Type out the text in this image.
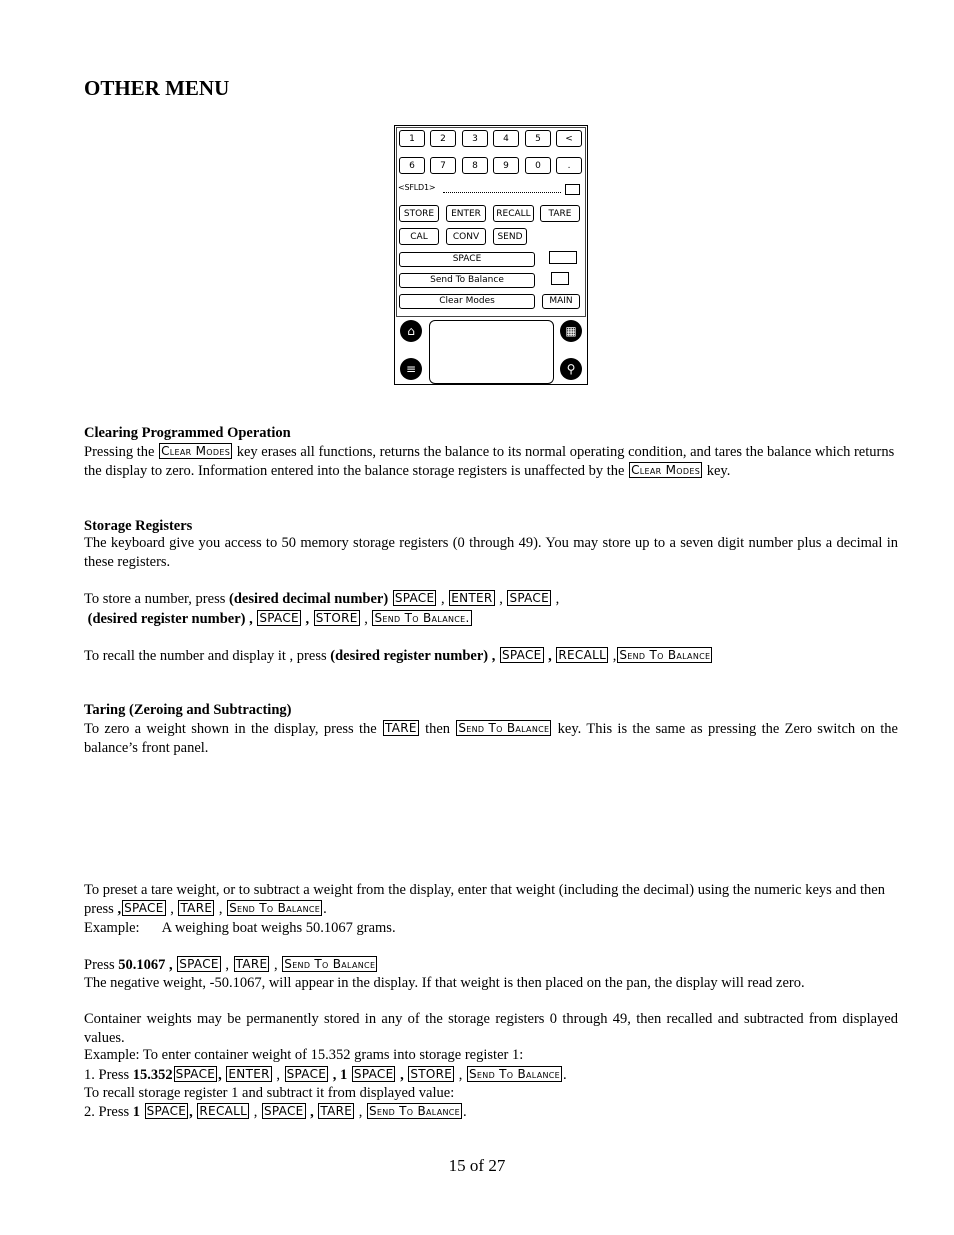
OTHER MENU
1	2	3	4	5	<
6	7	8	9	0	.
<SFLD1>
STORE	ENTER	RECALL	TARE
CAL	CONV	SEND
SPACE
Send To Balance
Clear Modes	MAIN
⌂	▦
≡	⚲
Clearing Programmed Operation
Pressing the Clear Modes key erases all functions, returns the balance to its normal operating condition, and tares the balance which returns the display to zero. Information entered into the balance storage registers is unaffected by the Clear Modes key.
Storage Registers
The keyboard give you access to 50 memory storage registers (0 through 49). You may store up to a seven digit number plus a decimal in these registers.
To store a number, press (desired decimal number) SPACE , ENTER , SPACE ,
(desired register number) , SPACE , STORE , Send To Balance.
To recall the number and display it , press (desired register number) , SPACE , RECALL , Send To Balance
Taring (Zeroing and Subtracting)
To zero a weight shown in the display, press the TARE then Send To Balance key. This is the same as pressing the Zero switch on the balance’s front panel.
To preset a tare weight, or to subtract a weight from the display, enter that weight (including the decimal) using the numeric keys and then press , SPACE , TARE , Send To Balance .
Example: A weighing boat weighs 50.1067 grams.
Press 50.1067 , SPACE , TARE , Send To Balance
The negative weight, -50.1067, will appear in the display. If that weight is then placed on the pan, the display will read zero.
Container weights may be permanently stored in any of the storage registers 0 through 49, then recalled and subtracted from displayed values.
Example: To enter container weight of 15.352 grams into storage register 1:
1. Press 15.352 SPACE , ENTER , SPACE , 1 SPACE , STORE , Send To Balance .
To recall storage register 1 and subtract it from displayed value:
2. Press 1 SPACE , RECALL , SPACE , TARE , Send To Balance .
15 of 27
